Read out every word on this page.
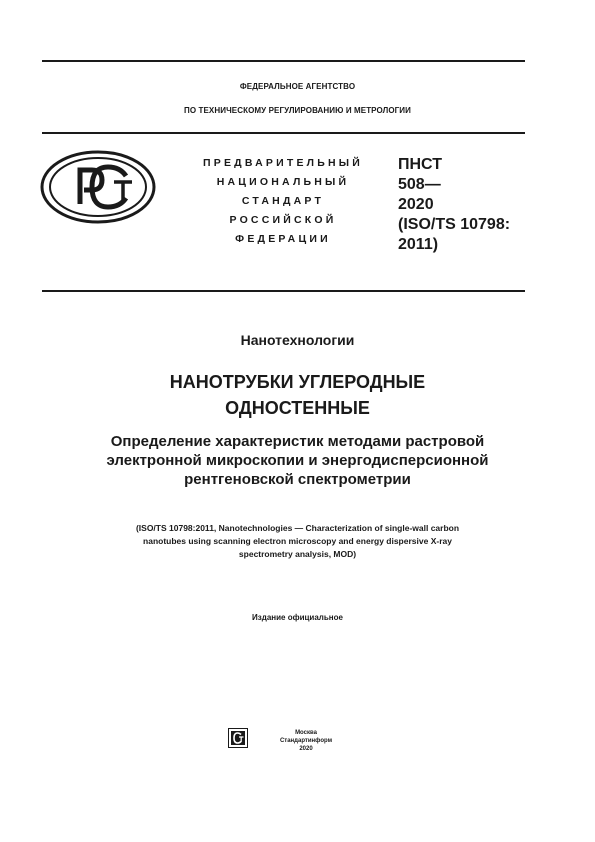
ФЕДЕРАЛЬНОЕ АГЕНТСТВО
ПО ТЕХНИЧЕСКОМУ РЕГУЛИРОВАНИЮ И МЕТРОЛОГИИ
ПРЕДВАРИТЕЛЬНЫЙ
НАЦИОНАЛЬНЫЙ
СТАНДАРТ
РОССИЙСКОЙ
ФЕДЕРАЦИИ
ПНСТ
508—
2020
(ISO/TS 10798:
2011)
Нанотехнологии
НАНОТРУБКИ УГЛЕРОДНЫЕ
ОДНОСТЕННЫЕ
Определение характеристик методами растровой
электронной микроскопии и энергодисперсионной
рентгеновской спектрометрии
(ISO/TS 10798:2011, Nanotechnologies — Characterization of single-wall carbon
nanotubes using scanning electron microscopy and energy dispersive X-ray
spectrometry analysis, MOD)
Издание официальное
Москва
Стандартинформ
2020
